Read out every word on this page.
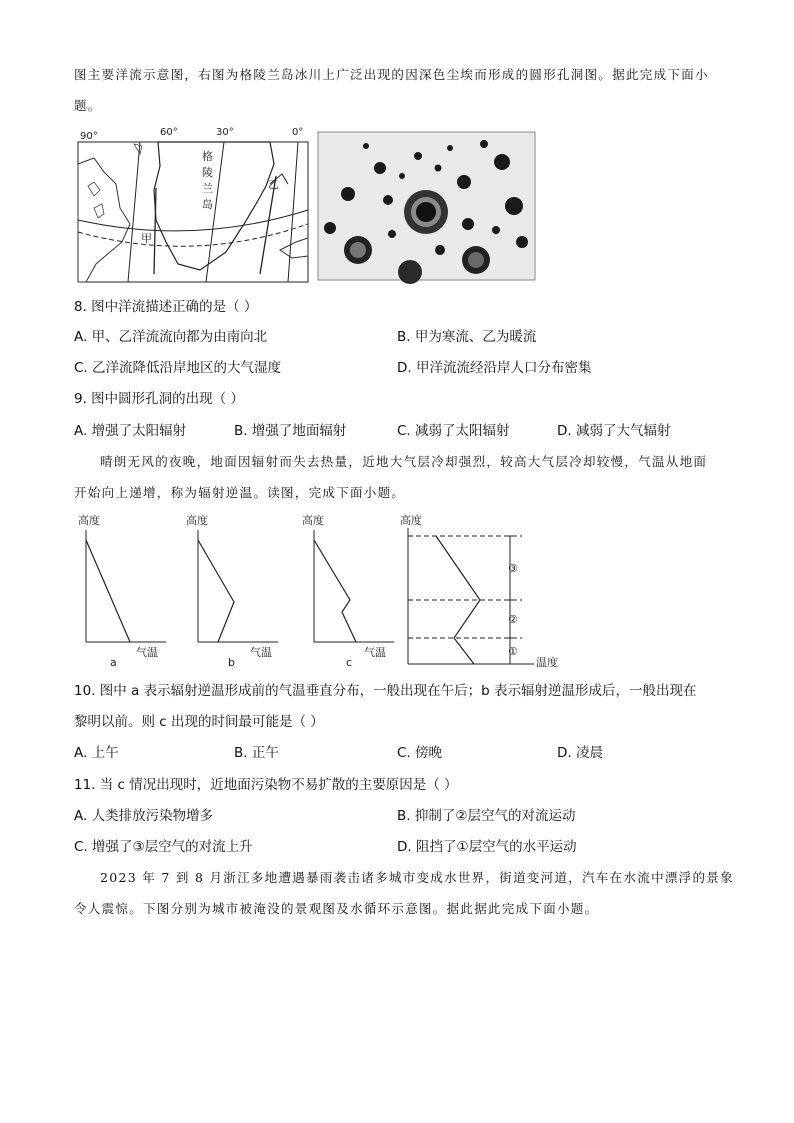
图主要洋流示意图，右图为格陵兰岛冰川上广泛出现的因深色尘埃而形成的圆形孔洞图。据此完成下面小
题。
90°	60°	30°	0°
格
陵
兰
岛
甲
乙
8. 图中洋流描述正确的是（ ）
A. 甲、乙洋流流向都为由南向北	B. 甲为寒流、乙为暖流
C. 乙洋流降低沿岸地区的大气湿度	D. 甲洋流流经沿岸人口分布密集
9. 图中圆形孔洞的出现（ ）
A. 增强了太阳辐射	B. 增强了地面辐射	C. 减弱了太阳辐射	D. 减弱了大气辐射
晴朗无风的夜晚，地面因辐射而失去热量，近地大气层冷却强烈，较高大气层冷却较慢，气温从地面
开始向上递增，称为辐射逆温。读图，完成下面小题。
高度
气温
a
高度
气温
b
高度
气温
c
高度
③
②
①
温度
10. 图中 a 表示辐射逆温形成前的气温垂直分布，一般出现在午后；b 表示辐射逆温形成后，一般出现在
黎明以前。则 c 出现的时间最可能是（ ）
A. 上午	B. 正午	C. 傍晚	D. 凌晨
11. 当 c 情况出现时，近地面污染物不易扩散的主要原因是（ ）
A. 人类排放污染物增多	B. 抑制了②层空气的对流运动
C. 增强了③层空气的对流上升	D. 阻挡了①层空气的水平运动
2023 年 7 到 8 月浙江多地遭遇暴雨袭击诸多城市变成水世界，街道变河道，汽车在水流中漂浮的景象
令人震惊。下图分别为城市被淹没的景观图及水循环示意图。据此据此完成下面小题。
